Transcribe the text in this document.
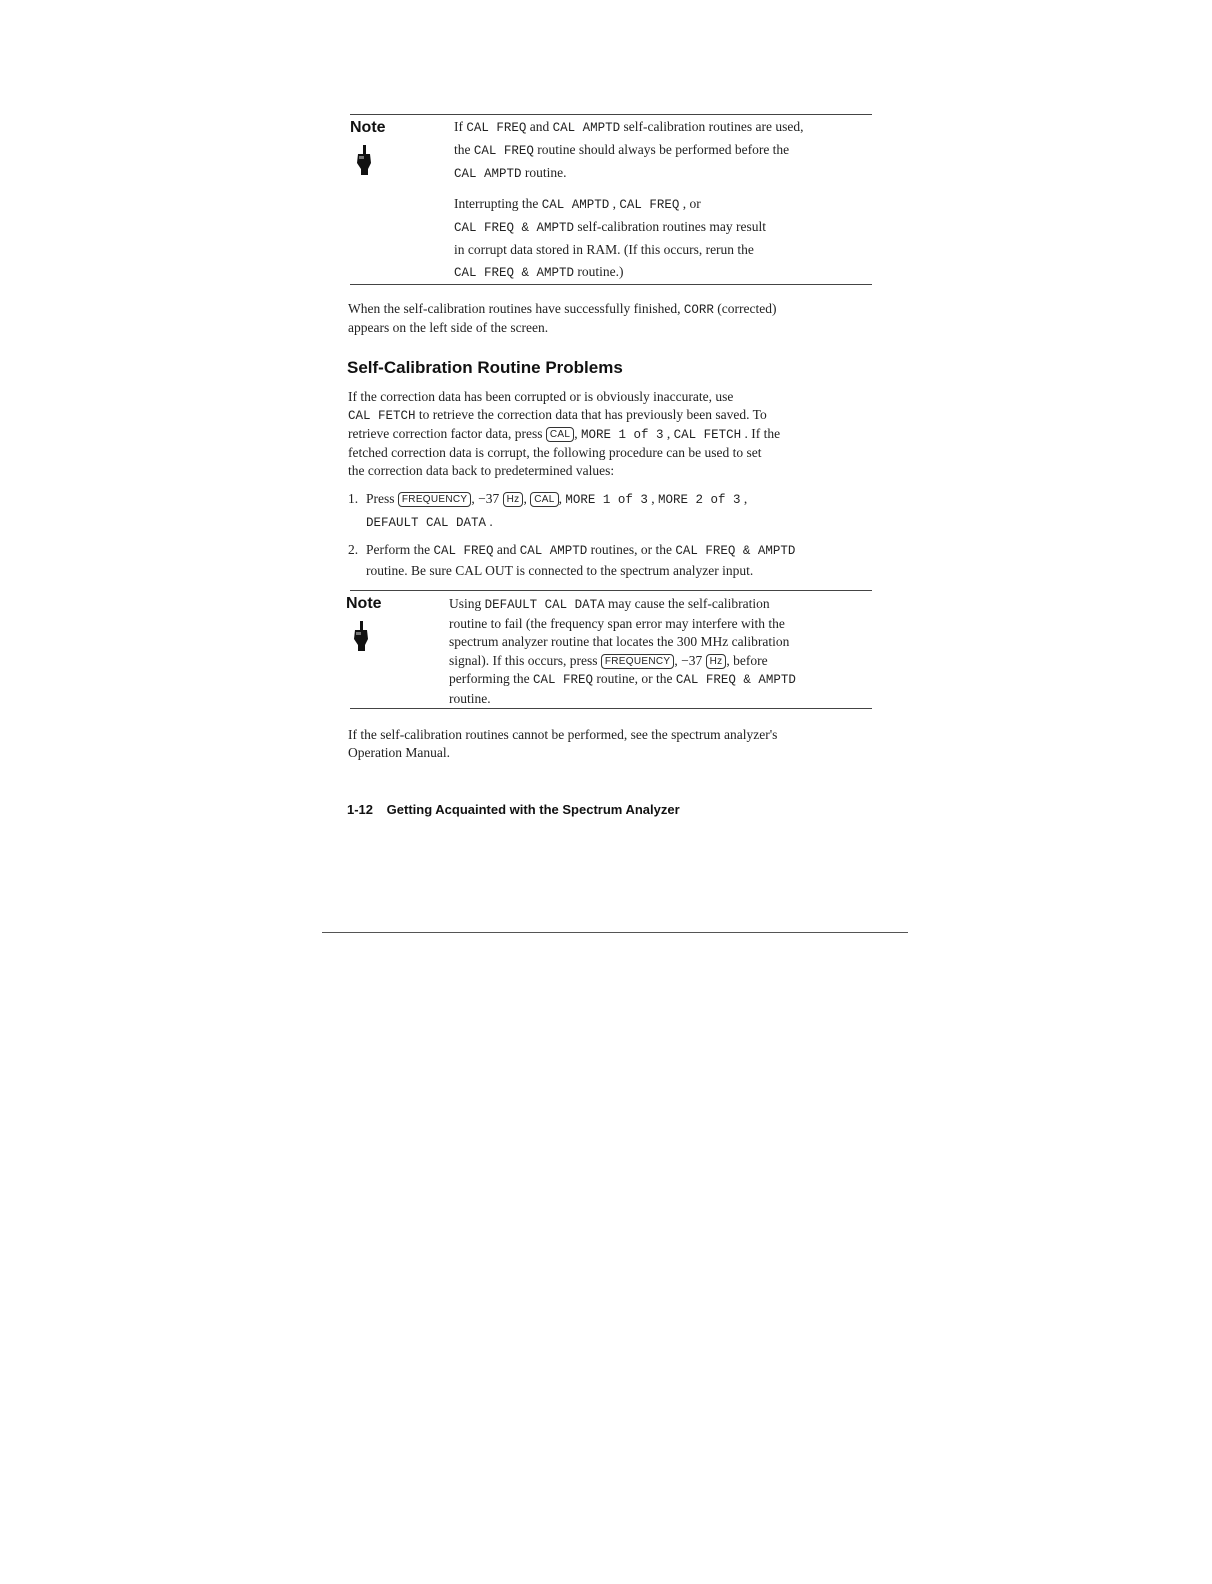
Note	If CAL FREQ and CAL AMPTD self-calibration routines are used,
the CAL FREQ routine should always be performed before the
CAL AMPTD routine.

Interrupting the CAL AMPTD , CAL FREQ , or
CAL FREQ & AMPTD self-calibration routines may result
in corrupt data stored in RAM. (If this occurs, rerun the
CAL FREQ & AMPTD routine.)

When the self-calibration routines have successfully finished, CORR (corrected)
appears on the left side of the screen.

Self-Calibration Routine Problems

If the correction data has been corrupted or is obviously inaccurate, use
CAL FETCH to retrieve the correction data that has previously been saved. To
retrieve correction factor data, press CAL , MORE 1 of 3 , CAL FETCH . If the
fetched correction data is corrupt, the following procedure can be used to set
the correction data back to predetermined values:

1. Press FREQUENCY , −37 Hz , CAL , MORE 1 of 3 , MORE 2 of 3 ,
DEFAULT CAL DATA .
2. Perform the CAL FREQ and CAL AMPTD routines, or the CAL FREQ & AMPTD
routine. Be sure CAL OUT is connected to the spectrum analyzer input.
Note	Using DEFAULT CAL DATA may cause the self-calibration
routine to fail (the frequency span error may interfere with the
spectrum analyzer routine that locates the 300 MHz calibration
signal). If this occurs, press FREQUENCY , −37 Hz , before
performing the CAL FREQ routine, or the CAL FREQ & AMPTD
routine.

If the self-calibration routines cannot be performed, see the spectrum analyzer's
Operation Manual.

1-12 Getting Acquainted with the Spectrum Analyzer
